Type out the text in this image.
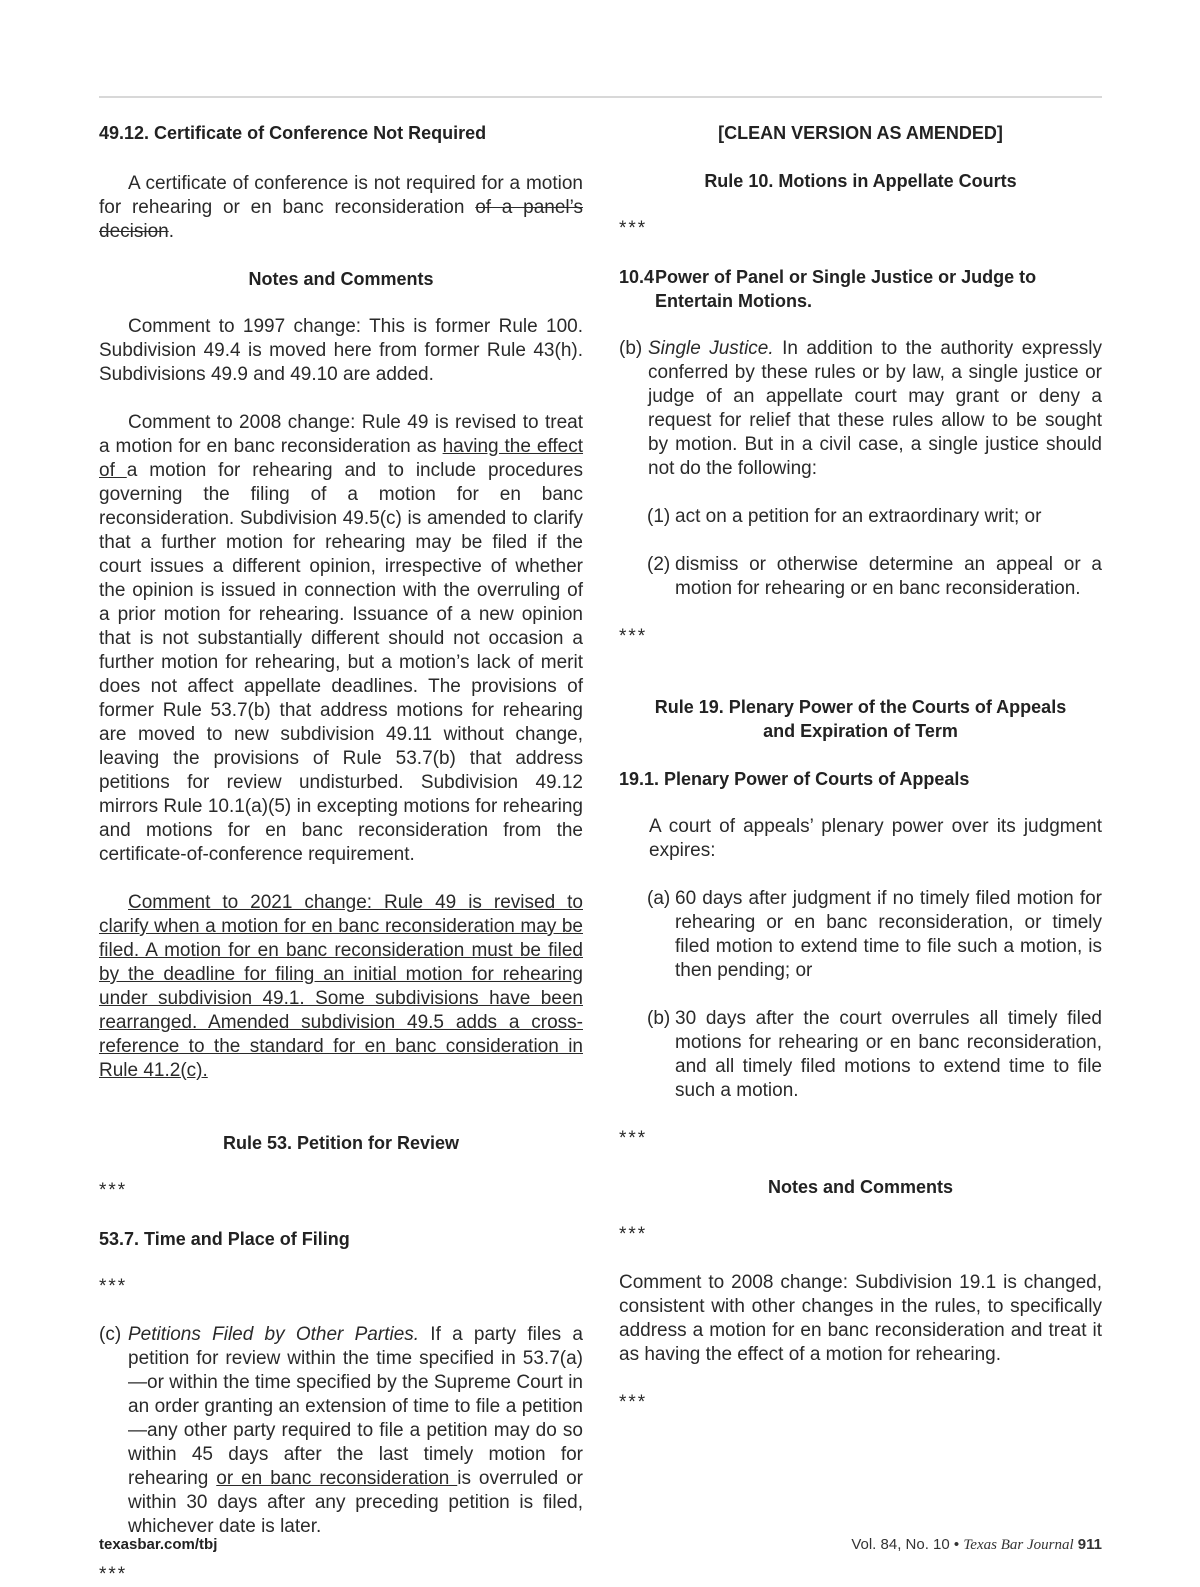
49.12. Certificate of Conference Not Required
A certificate of conference is not required for a motion for rehearing or en banc reconsideration of a panel’s decision.
Notes and Comments
Comment to 1997 change: This is former Rule 100. Subdivision 49.4 is moved here from former Rule 43(h). Subdivisions 49.9 and 49.10 are added.
Comment to 2008 change: Rule 49 is revised to treat a motion for en banc reconsideration as having the effect of a motion for rehearing and to include procedures governing the filing of a motion for en banc reconsideration. Subdivision 49.5(c) is amended to clarify that a further motion for rehearing may be filed if the court issues a different opinion, irrespective of whether the opinion is issued in connection with the overruling of a prior motion for rehearing. Issuance of a new opinion that is not substantially different should not occasion a further motion for rehearing, but a motion’s lack of merit does not affect appellate deadlines. The provisions of former Rule 53.7(b) that address motions for rehearing are moved to new subdivision 49.11 without change, leaving the provisions of Rule 53.7(b) that address petitions for review undisturbed. Subdivision 49.12 mirrors Rule 10.1(a)(5) in excepting motions for rehearing and motions for en banc reconsideration from the certificate-of-conference requirement.
Comment to 2021 change: Rule 49 is revised to clarify when a motion for en banc reconsideration may be filed. A motion for en banc reconsideration must be filed by the deadline for filing an initial motion for rehearing under subdivision 49.1. Some subdivisions have been rearranged. Amended subdivision 49.5 adds a cross-reference to the standard for en banc consideration in Rule 41.2(c).
Rule 53. Petition for Review
***
53.7. Time and Place of Filing
***
(c) Petitions Filed by Other Parties. If a party files a petition for review within the time specified in 53.7(a)—or within the time specified by the Supreme Court in an order granting an extension of time to file a petition—any other party required to file a petition may do so within 45 days after the last timely motion for rehearing or en banc reconsideration is overruled or within 30 days after any preceding petition is filed, whichever date is later.
***
[CLEAN VERSION AS AMENDED]
Rule 10. Motions in Appellate Courts
***
10.4 Power of Panel or Single Justice or Judge to Entertain Motions.
(b) Single Justice. In addition to the authority expressly conferred by these rules or by law, a single justice or judge of an appellate court may grant or deny a request for relief that these rules allow to be sought by motion. But in a civil case, a single justice should not do the following:
(1) act on a petition for an extraordinary writ; or
(2) dismiss or otherwise determine an appeal or a motion for rehearing or en banc reconsideration.
***
Rule 19. Plenary Power of the Courts of Appeals
and Expiration of Term
19.1. Plenary Power of Courts of Appeals
A court of appeals’ plenary power over its judgment expires:
(a) 60 days after judgment if no timely filed motion for rehearing or en banc reconsideration, or timely filed motion to extend time to file such a motion, is then pending; or
(b) 30 days after the court overrules all timely filed motions for rehearing or en banc reconsideration, and all timely filed motions to extend time to file such a motion.
***
Notes and Comments
***
Comment to 2008 change: Subdivision 19.1 is changed, consistent with other changes in the rules, to specifically address a motion for en banc reconsideration and treat it as having the effect of a motion for rehearing.
***
texasbar.com/tbj	Vol. 84, No. 10 • Texas Bar Journal 911
